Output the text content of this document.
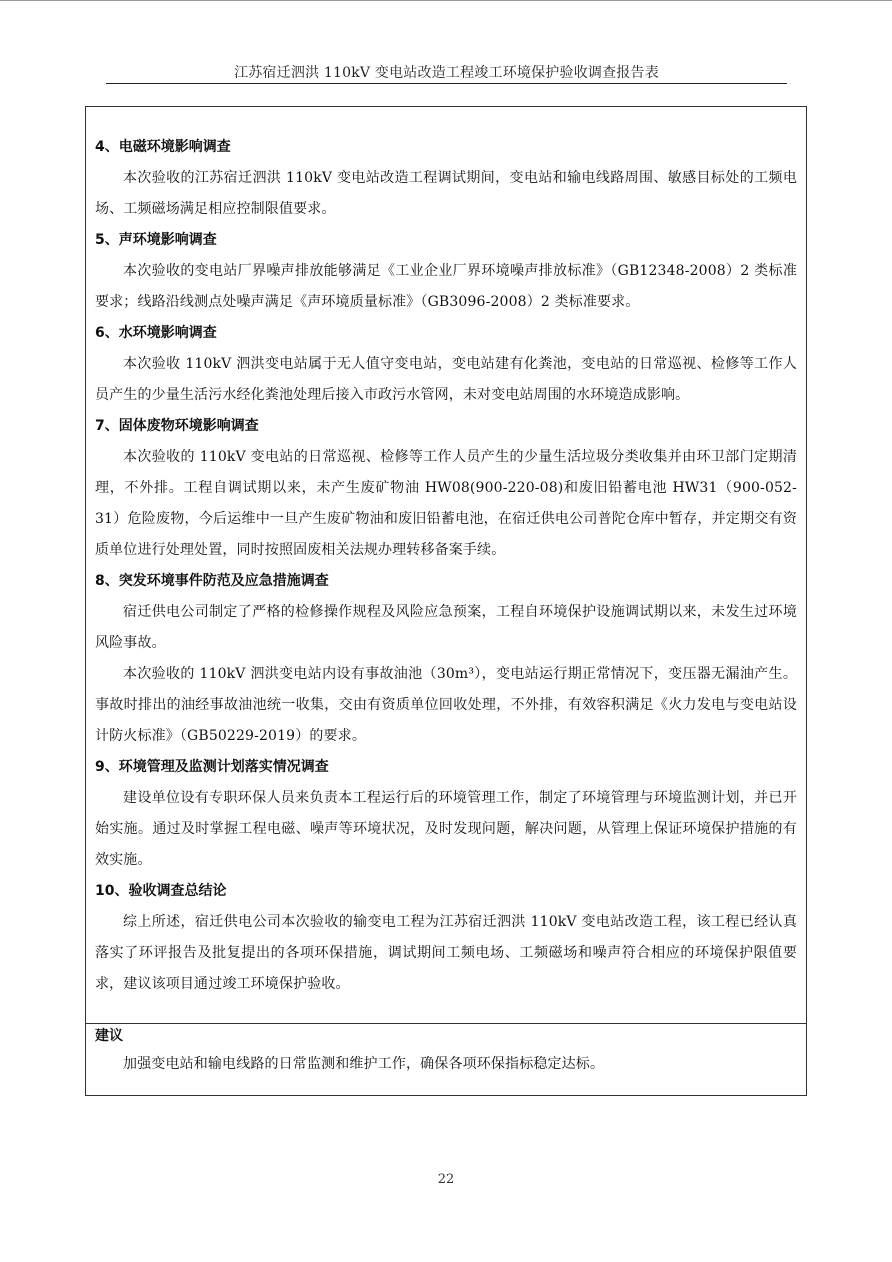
江苏宿迁泗洪 110kV 变电站改造工程竣工环境保护验收调查报告表

4、电磁环境影响调查

本次验收的江苏宿迁泗洪 110kV 变电站改造工程调试期间，变电站和输电线路周围、敏感目标处的工频电场、工频磁场满足相应控制限值要求。

5、声环境影响调查

本次验收的变电站厂界噪声排放能够满足《工业企业厂界环境噪声排放标准》（GB12348-2008）2 类标准要求；线路沿线测点处噪声满足《声环境质量标准》（GB3096-2008）2 类标准要求。

6、水环境影响调查

本次验收 110kV 泗洪变电站属于无人值守变电站，变电站建有化粪池，变电站的日常巡视、检修等工作人员产生的少量生活污水经化粪池处理后接入市政污水管网，未对变电站周围的水环境造成影响。

7、固体废物环境影响调查

本次验收的 110kV 变电站的日常巡视、检修等工作人员产生的少量生活垃圾分类收集并由环卫部门定期清理，不外排。工程自调试期以来，未产生废矿物油 HW08(900-220-08)和废旧铅蓄电池 HW31（900-052-31）危险废物，今后运维中一旦产生废矿物油和废旧铅蓄电池，在宿迁供电公司普陀仓库中暂存，并定期交有资质单位进行处理处置，同时按照固废相关法规办理转移备案手续。

8、突发环境事件防范及应急措施调查

宿迁供电公司制定了严格的检修操作规程及风险应急预案，工程自环境保护设施调试期以来，未发生过环境风险事故。

本次验收的 110kV 泗洪变电站内设有事故油池（30m³），变电站运行期正常情况下，变压器无漏油产生。事故时排出的油经事故油池统一收集，交由有资质单位回收处理，不外排，有效容积满足《火力发电与变电站设计防火标准》（GB50229-2019）的要求。

9、环境管理及监测计划落实情况调查

建设单位设有专职环保人员来负责本工程运行后的环境管理工作，制定了环境管理与环境监测计划，并已开始实施。通过及时掌握工程电磁、噪声等环境状况，及时发现问题，解决问题，从管理上保证环境保护措施的有效实施。

10、验收调查总结论

综上所述，宿迁供电公司本次验收的输变电工程为江苏宿迁泗洪 110kV 变电站改造工程，该工程已经认真落实了环评报告及批复提出的各项环保措施，调试期间工频电场、工频磁场和噪声符合相应的环境保护限值要求，建议该项目通过竣工环境保护验收。

建议

加强变电站和输电线路的日常监测和维护工作，确保各项环保指标稳定达标。

22
